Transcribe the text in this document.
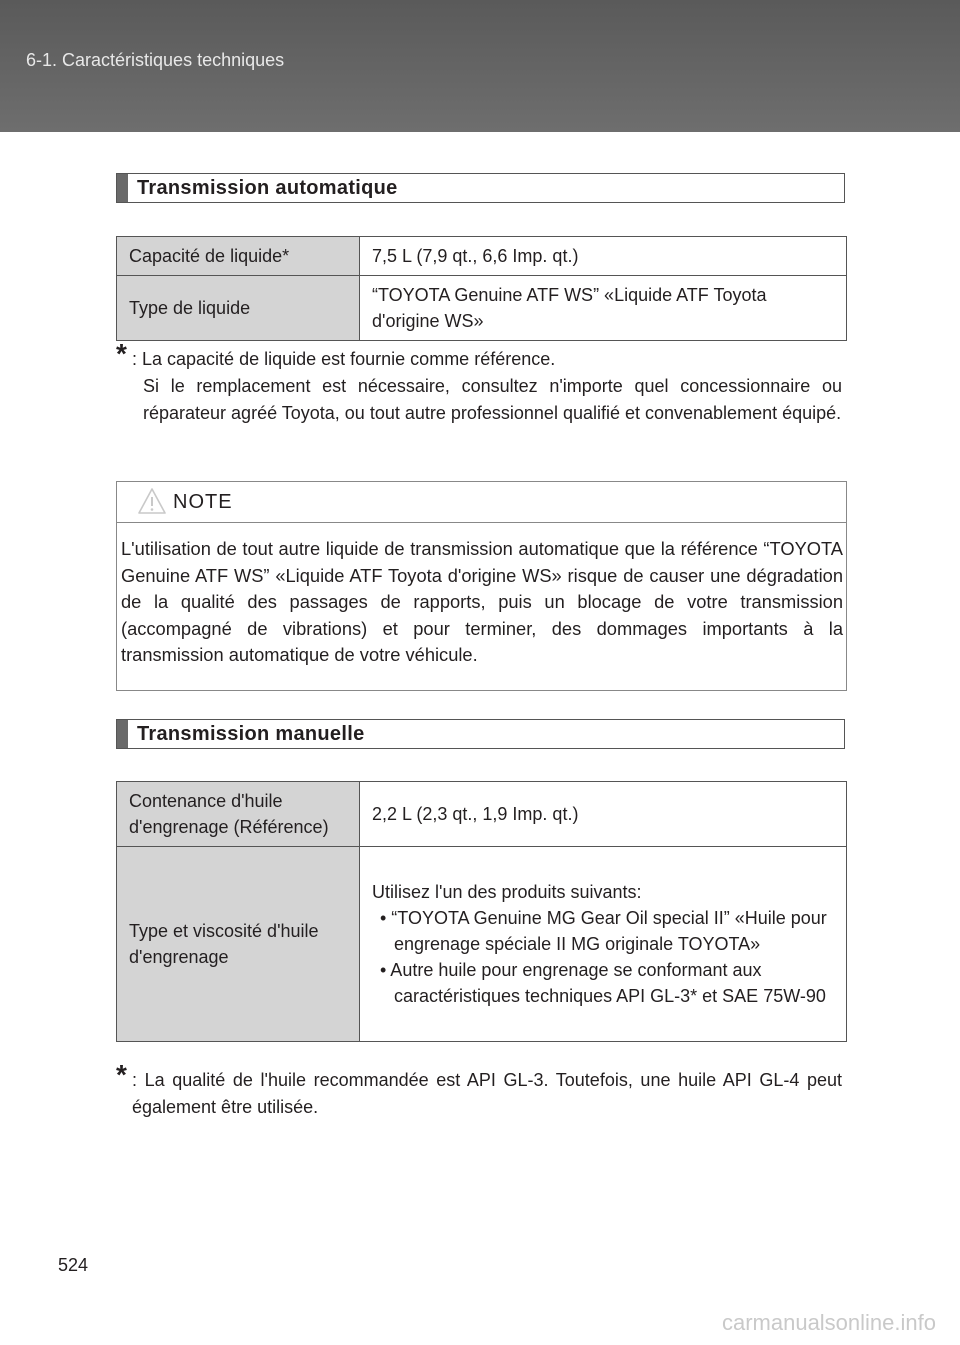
6-1. Caractéristiques techniques
Transmission automatique
Capacité de liquide*	7,5 L (7,9 qt., 6,6 Imp. qt.)
Type de liquide	“TOYOTA Genuine ATF WS” «Liquide ATF Toyota d'origine WS»
* : La capacité de liquide est fournie comme référence.
Si le remplacement est nécessaire, consultez n'importe quel concessionnaire ou réparateur agréé Toyota, ou tout autre professionnel qualifié et convenablement équipé.
NOTE
L'utilisation de tout autre liquide de transmission automatique que la référence “TOYOTA Genuine ATF WS” «Liquide ATF Toyota d'origine WS» risque de causer une dégradation de la qualité des passages de rapports, puis un blocage de votre transmission (accompagné de vibrations) et pour terminer, des dommages importants à la transmission automatique de votre véhicule.
Transmission manuelle
Contenance d'huile d'engrenage (Référence)	2,2 L (2,3 qt., 1,9 Imp. qt.)
Type et viscosité d'huile d'engrenage	Utilisez l'un des produits suivants:
• “TOYOTA Genuine MG Gear Oil special II” «Huile pour engrenage spéciale II MG originale TOYOTA»
• Autre huile pour engrenage se conformant aux caractéristiques techniques API GL-3* et SAE 75W-90
* : La qualité de l'huile recommandée est API GL-3. Toutefois, une huile API GL-4 peut également être utilisée.
524
carmanualsonline.info
